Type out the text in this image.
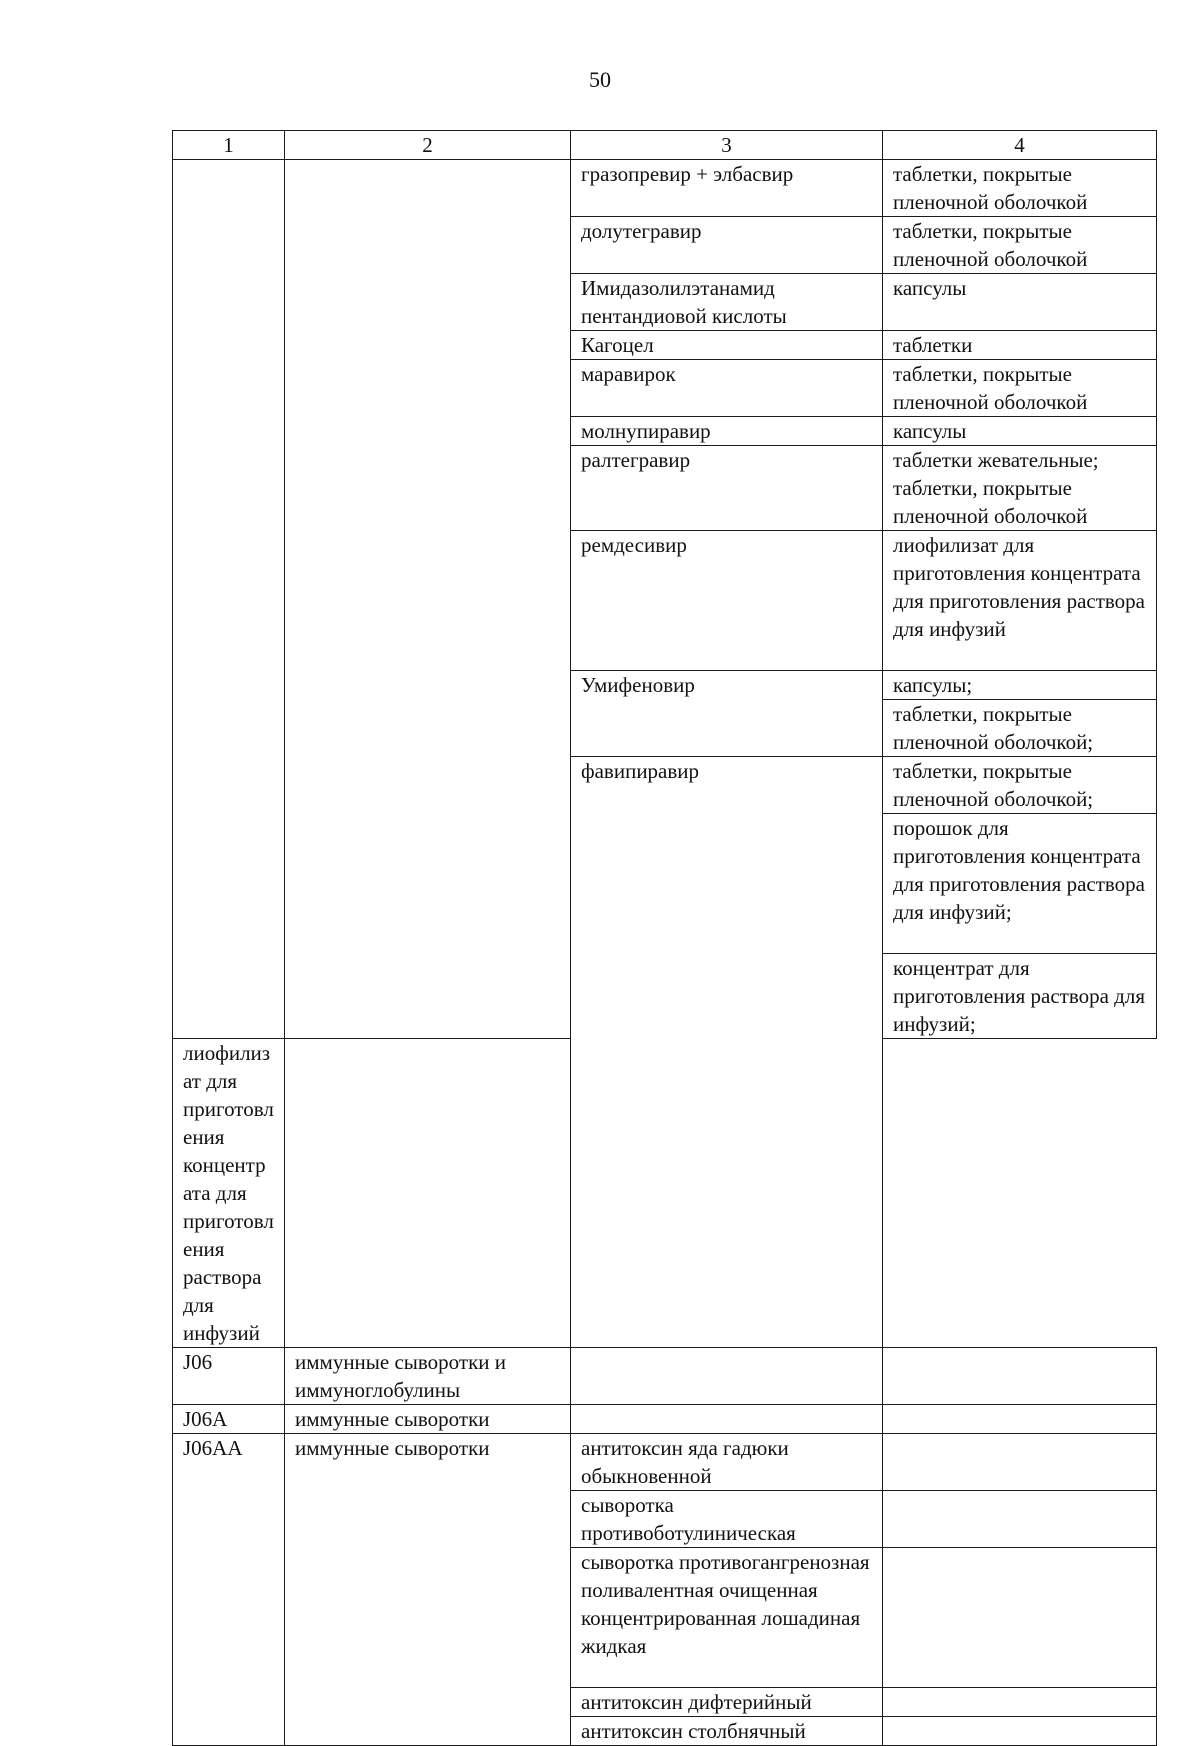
50
1	2	3	4
		гразопревир + элбасвир	таблетки, покрытые пленочной оболочкой
		долутегравир	таблетки, покрытые пленочной оболочкой
		Имидазолилэтанамид пентандиовой кислоты	капсулы
		Кагоцел	таблетки
		маравирок	таблетки, покрытые пленочной оболочкой
		молнупиравир	капсулы
		ралтегравир	таблетки жевательные; таблетки, покрытые пленочной оболочкой
		ремдесивир	лиофилизат для приготовления концентрата для приготовления раствора для инфузий
		Умифеновир	капсулы;
			таблетки, покрытые пленочной оболочкой;
		фавипиравир	таблетки, покрытые пленочной оболочкой;
			порошок для приготовления концентрата для приготовления раствора для инфузий;
			концентрат для приготовления раствора для инфузий;
лиофилизат для приготовления концентрата для приготовления раствора для инфузий			
J06	иммунные сыворотки и иммуноглобулины		
J06A	иммунные сыворотки		
J06AA	иммунные сыворотки	антитоксин яда гадюки обыкновенной	
		сыворотка противоботулиническая	
		сыворотка противогангренозная поливалентная очищенная концентрированная лошадиная жидкая	
		антитоксин дифтерийный	
		антитоксин столбнячный	
